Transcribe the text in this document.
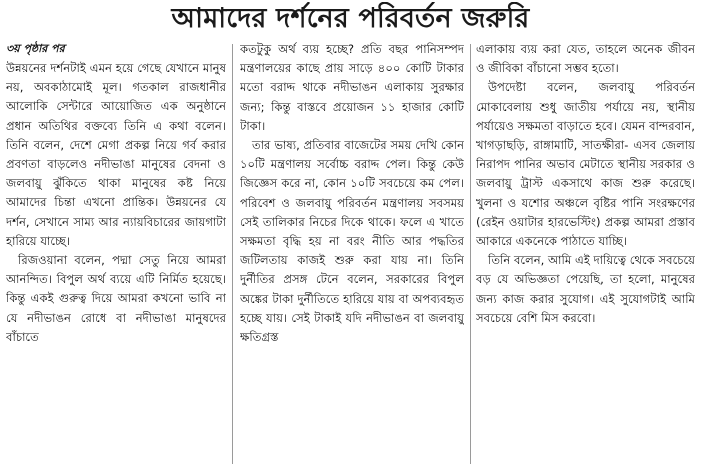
আমাদের দর্শনের পরিবর্তন জরুরি
৩য় পৃষ্ঠার পর

উন্নয়নের দর্শনটাই এমন হয়ে গেছে যেখানে মানুষ নয়, অবকাঠামোই মূল। গতকাল রাজধানীর আলোকি সেন্টারে আয়োজিত এক অনুষ্ঠানে প্রধান অতিথির বক্তব্যে তিনি এ কথা বলেন। তিনি বলেন, দেশে মেগা প্রকল্প নিয়ে গর্ব করার প্রবণতা বাড়লেও নদীভাঙা মানুষের বেদনা ও জলবায়ু ঝুঁকিতে থাকা মানুষের কষ্ট নিয়ে আমাদের চিন্তা এখনো প্রান্তিক। উন্নয়নের যে দর্শন, সেখানে সাম্য আর ন্যায়বিচারের জায়গাটা হারিয়ে যাচ্ছে।

রিজওয়ানা বলেন, পদ্মা সেতু নিয়ে আমরা আনন্দিত। বিপুল অর্থ ব্যয়ে এটি নির্মিত হয়েছে। কিন্তু একই গুরুত্ব দিয়ে আমরা কখনো ভাবি না যে নদীভাঙন রোধে বা নদীভাঙা মানুষদের বাঁচাতে

কতটুকু অর্থ ব্যয় হচ্ছে? প্রতি বছর পানিসম্পদ মন্ত্রণালয়ের কাছে প্রায় সাড়ে ৪০০ কোটি টাকার মতো বরাদ্দ থাকে নদীভাঙন এলাকায় সুরক্ষার জন্য; কিন্তু বাস্তবে প্রয়োজন ১১ হাজার কোটি টাকা।

তার ভাষ্য, প্রতিবার বাজেটের সময় দেখি কোন ১০টি মন্ত্রণালয় সর্বোচ্চ বরাদ্দ পেল। কিন্তু কেউ জিজ্ঞেস করে না, কোন ১০টি সবচেয়ে কম পেল। পরিবেশ ও জলবায়ু পরিবর্তন মন্ত্রণালয় সবসময় সেই তালিকার নিচের দিকে থাকে। ফলে এ খাতে সক্ষমতা বৃদ্ধি হয় না বরং নীতি আর পদ্ধতির জটিলতায় কাজই শুরু করা যায় না। তিনি দুর্নীতির প্রসঙ্গ টেনে বলেন, সরকারের বিপুল অঙ্কের টাকা দুর্নীতিতে হারিয়ে যায় বা অপব্যবহৃত হচ্ছে যায়। সেই টাকাই যদি নদীভাঙন বা জলবায়ু ক্ষতিগ্রস্ত

এলাকায় ব্যয় করা যেত, তাহলে অনেক জীবন ও জীবিকা বাঁচানো সম্ভব হতো।

উপদেষ্টা বলেন, জলবায়ু পরিবর্তন মোকাবেলায় শুধু জাতীয় পর্যায়ে নয়, স্থানীয় পর্যায়েও সক্ষমতা বাড়াতে হবে। যেমন বান্দরবান, খাগড়াছড়ি, রাঙ্গামাটি, সাতক্ষীরা- এসব জেলায় নিরাপদ পানির অভাব মেটাতে স্থানীয় সরকার ও জলবায়ু ট্রাস্ট একসাথে কাজ শুরু করেছে। খুলনা ও যশোর অঞ্চলে বৃষ্টির পানি সংরক্ষণের (রেইন ওয়াটার হারভেস্টিং) প্রকল্প আমরা প্রস্তাব আকারে একনেকে পাঠাতে যাচ্ছি।

তিনি বলেন, আমি এই দায়িত্বে থেকে সবচেয়ে বড় যে অভিজ্ঞতা পেয়েছি, তা হলো, মানুষের জন্য কাজ করার সুযোগ। এই সুযোগটাই আমি সবচেয়ে বেশি মিস করবো।
